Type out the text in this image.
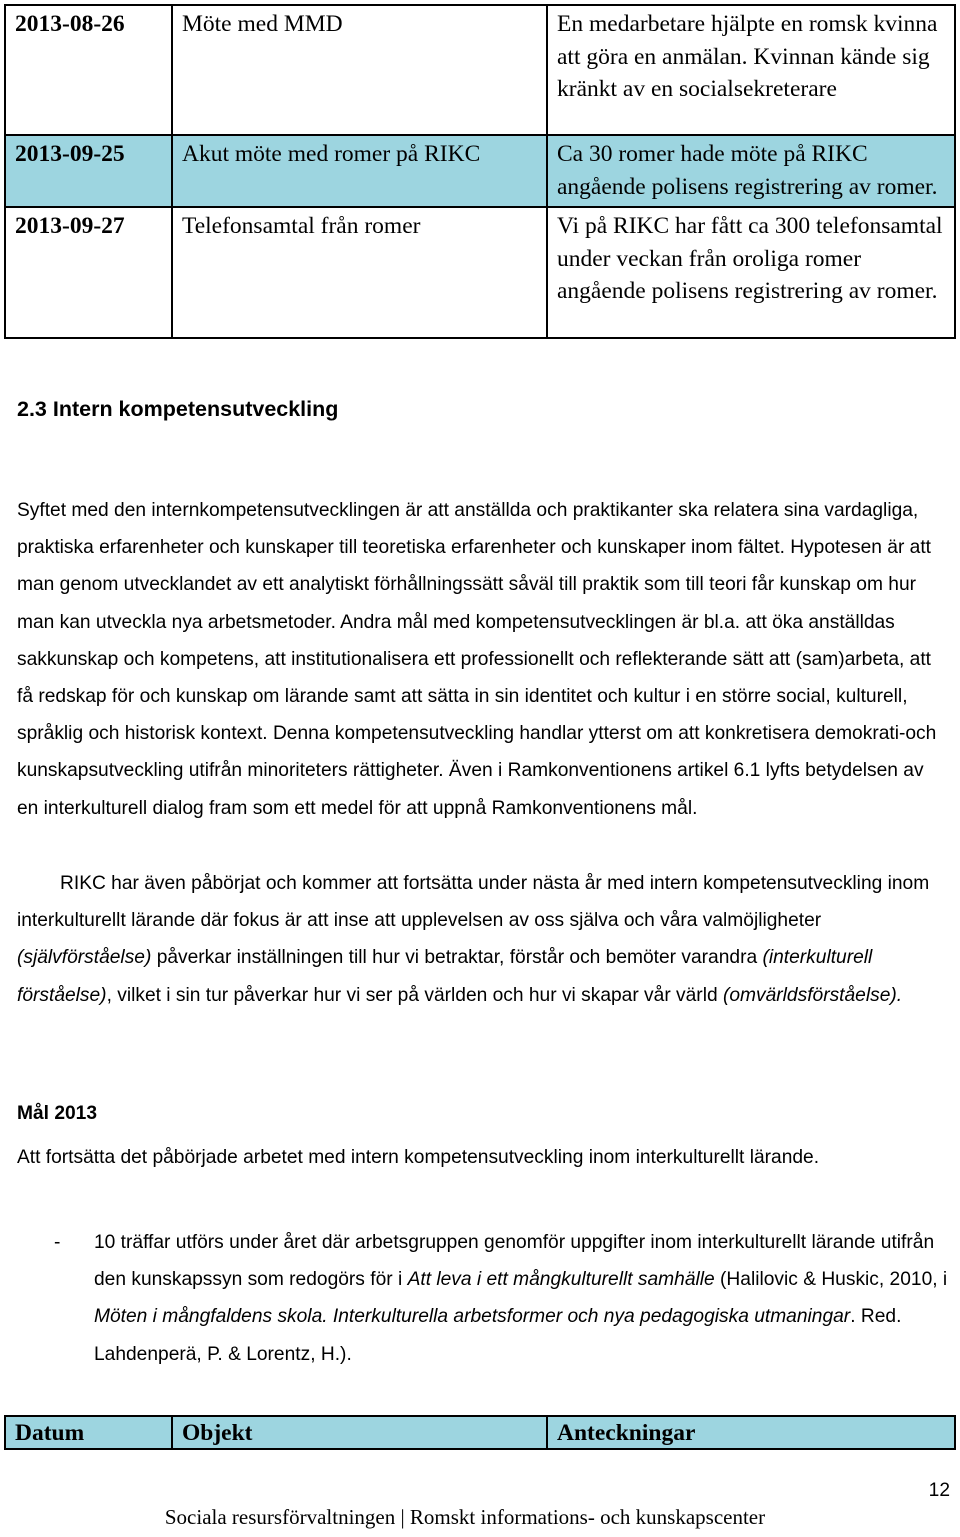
2013-08-26	Möte med MMD	En medarbetare hjälpte en romsk kvinna att göra en anmälan. Kvinnan kände sig kränkt av en socialsekreterare
2013-09-25	Akut möte med romer på RIKC	Ca 30 romer hade möte på RIKC angående polisens registrering av romer.
2013-09-27	Telefonsamtal från romer	Vi på RIKC har fått ca 300 telefonsamtal under veckan från oroliga romer angående polisens registrering av romer.
2.3 Intern kompetensutveckling

Syftet med den internkompetensutvecklingen är att anställda och praktikanter ska relatera sina vardagliga, praktiska erfarenheter och kunskaper till teoretiska erfarenheter och kunskaper inom fältet. Hypotesen är att man genom utvecklandet av ett analytiskt förhållningssätt såväl till praktik som till teori får kunskap om hur man kan utveckla nya arbetsmetoder. Andra mål med kompetensutvecklingen är bl.a. att öka anställdas sakkunskap och kompetens, att institutionalisera ett professionellt och reflekterande sätt att (sam)arbeta, att få redskap för och kunskap om lärande samt att sätta in sin identitet och kultur i en större social, kulturell, språklig och historisk kontext. Denna kompetensutveckling handlar ytterst om att konkretisera demokrati-och kunskapsutveckling utifrån minoriteters rättigheter. Även i Ramkonventionens artikel 6.1 lyfts betydelsen av en interkulturell dialog fram som ett medel för att uppnå Ramkonventionens mål.

RIKC har även påbörjat och kommer att fortsätta under nästa år med intern kompetensutveckling inom interkulturellt lärande där fokus är att inse att upplevelsen av oss själva och våra valmöjligheter (självförståelse) påverkar inställningen till hur vi betraktar, förstår och bemöter varandra (interkulturell förståelse), vilket i sin tur påverkar hur vi ser på världen och hur vi skapar vår värld (omvärldsförståelse).

Mål 2013

Att fortsätta det påbörjade arbetet med intern kompetensutveckling inom interkulturellt lärande.

- 10 träffar utförs under året där arbetsgruppen genomför uppgifter inom interkulturellt lärande utifrån den kunskapssyn som redogörs för i Att leva i ett mångkulturellt samhälle (Halilovic & Huskic, 2010, i Möten i mångfaldens skola. Interkulturella arbetsformer och nya pedagogiska utmaningar. Red. Lahdenperä, P. & Lorentz, H.).

Datum	Objekt	Anteckningar
12
Sociala resursförvaltningen | Romskt informations- och kunskapscenter
